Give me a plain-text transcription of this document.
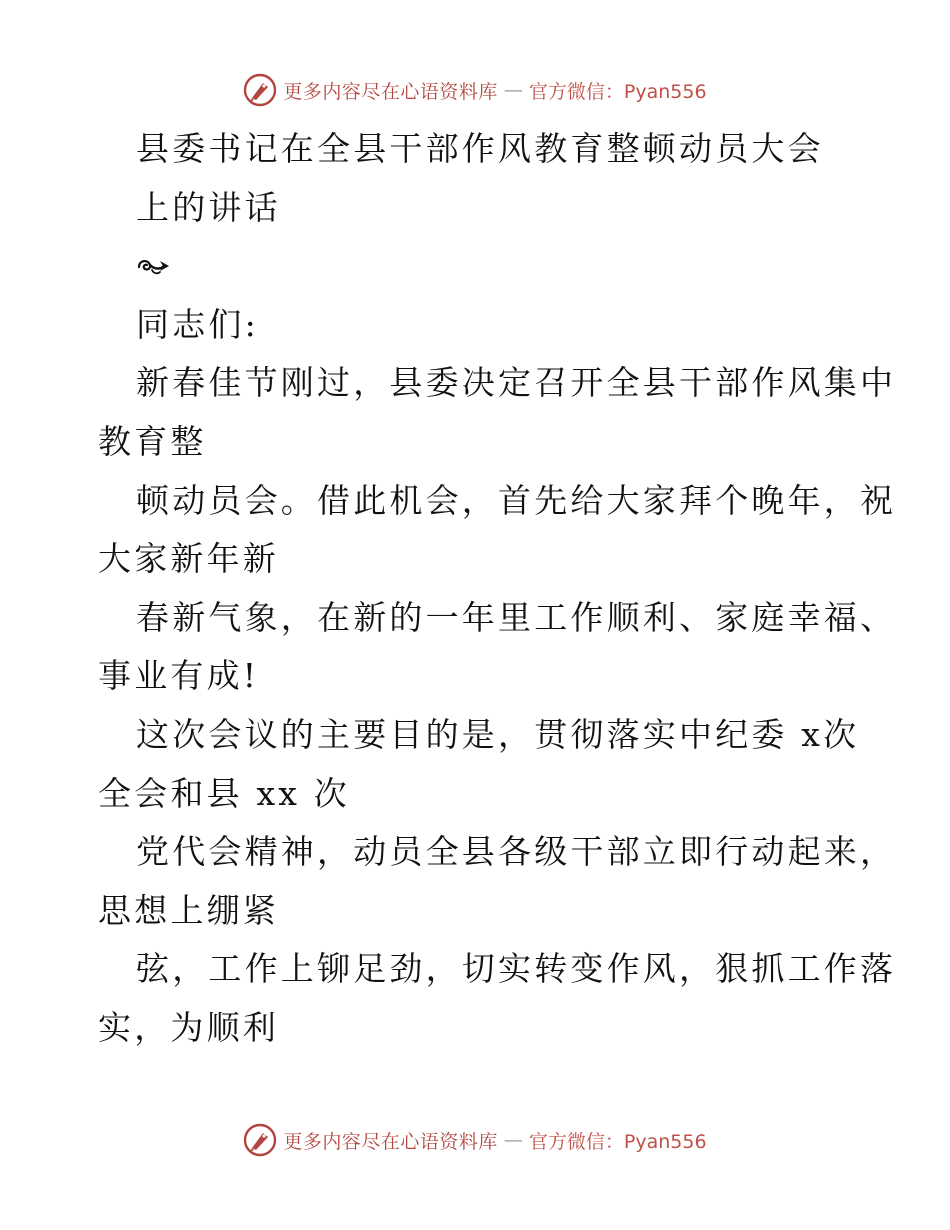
更多内容尽在心语资料库 — 官方微信：Pyan556
县委书记在全县干部作风教育整顿动员大会
上的讲话
同志们:
新春佳节刚过，县委决定召开全县干部作风集中
教育整
顿动员会。借此机会，首先给大家拜个晚年，祝
大家新年新
春新气象，在新的一年里工作顺利、家庭幸福、
事业有成!
这次会议的主要目的是，贯彻落实中纪委 x次
全会和县 xx 次
党代会精神，动员全县各级干部立即行动起来，
思想上绷紧
弦，工作上铆足劲，切实转变作风，狠抓工作落
实，为顺利
更多内容尽在心语资料库 — 官方微信：Pyan556
